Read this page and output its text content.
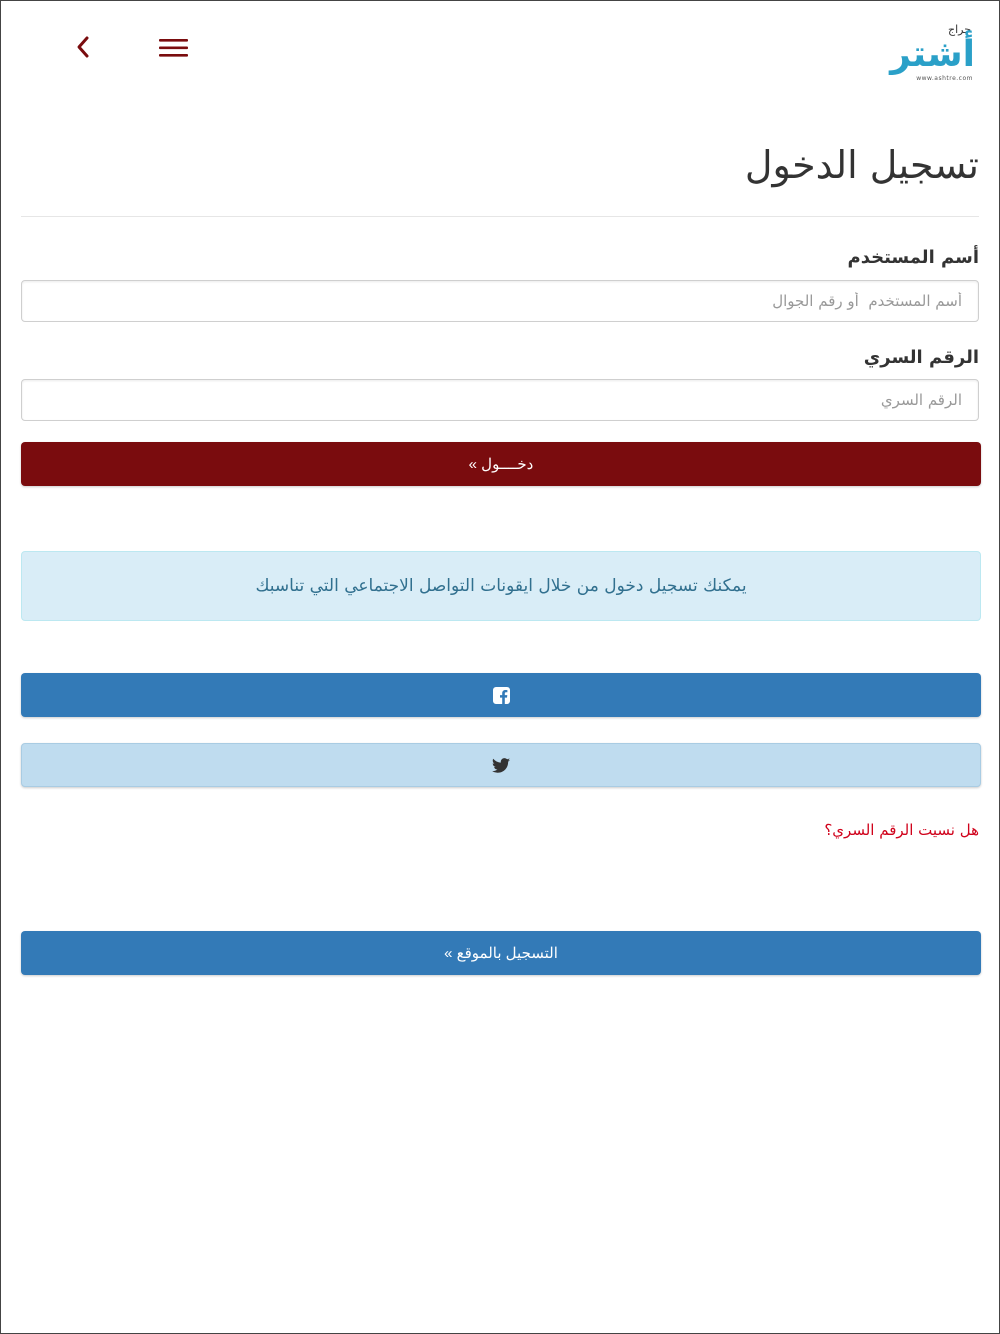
حراج
أشتر
www.ashtre.com
تسجيل الدخول
أسم المستخدم
أسم المستخدم أو رقم الجوال
الرقم السري
دخــــول »
يمكنك تسجيل دخول من خلال ايقونات التواصل الاجتماعي التي تناسبك
هل نسيت الرقم السري؟
التسجيل بالموقع »
